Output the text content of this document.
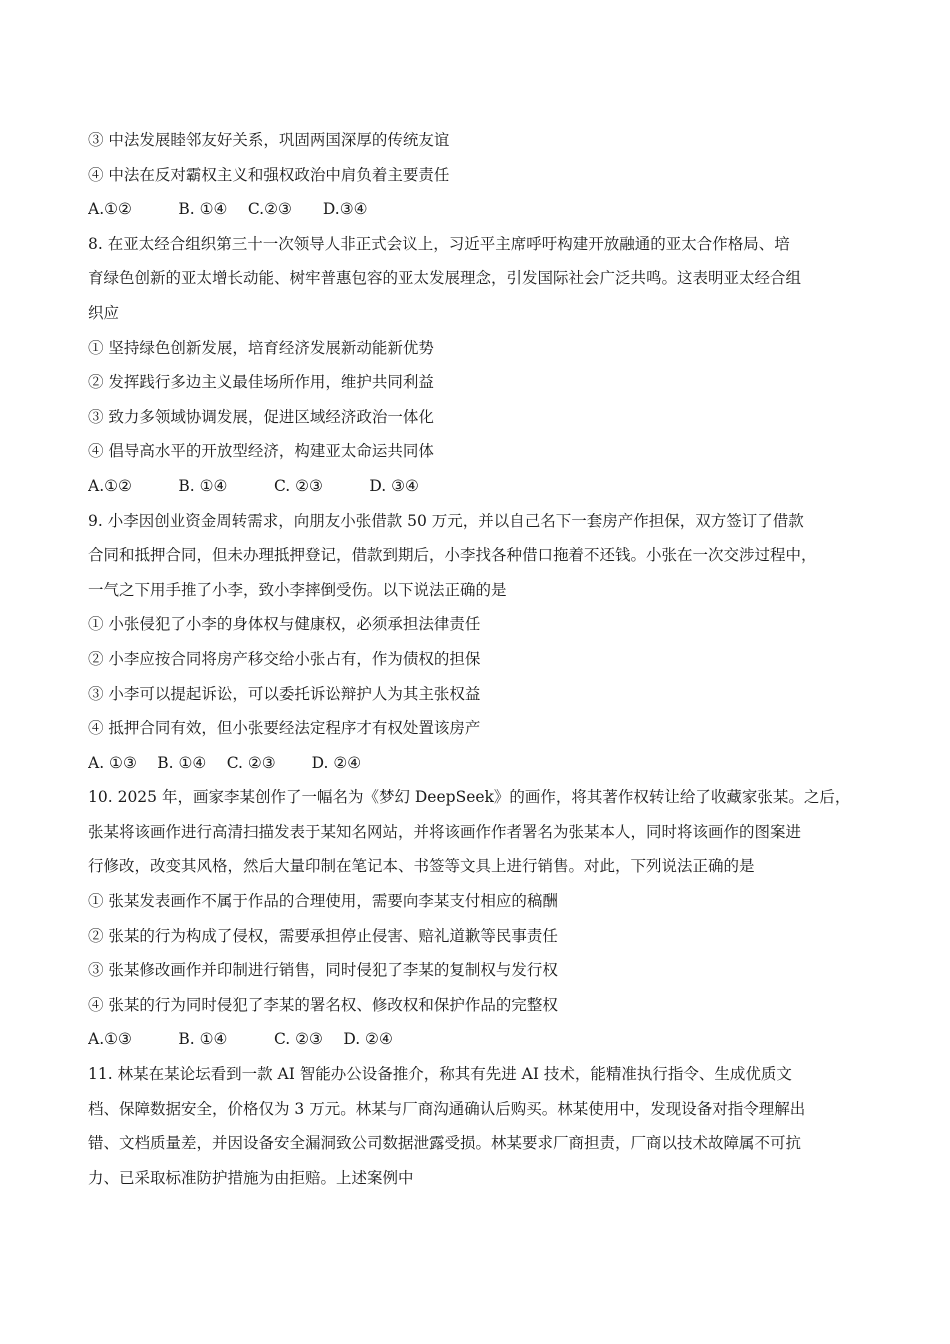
③ 中法发展睦邻友好关系，巩固两国深厚的传统友谊
④ 中法在反对霸权主义和强权政治中肩负着主要责任
A.①②　　　B. ①④　 C.②③　　D.③④
8. 在亚太经合组织第三十一次领导人非正式会议上，习近平主席呼吁构建开放融通的亚太合作格局、培
育绿色创新的亚太增长动能、树牢普惠包容的亚太发展理念，引发国际社会广泛共鸣。这表明亚太经合组
织应
① 坚持绿色创新发展，培育经济发展新动能新优势
② 发挥践行多边主义最佳场所作用，维护共同利益
③ 致力多领域协调发展，促进区域经济政治一体化
④ 倡导高水平的开放型经济，构建亚太命运共同体
A.①②　　　B. ①④　　　C. ②③　　　D. ③④
9. 小李因创业资金周转需求，向朋友小张借款 50 万元，并以自己名下一套房产作担保，双方签订了借款
合同和抵押合同，但未办理抵押登记，借款到期后，小李找各种借口拖着不还钱。小张在一次交涉过程中，
一气之下用手推了小李，致小李摔倒受伤。以下说法正确的是
① 小张侵犯了小李的身体权与健康权，必须承担法律责任
② 小李应按合同将房产移交给小张占有，作为债权的担保
③ 小李可以提起诉讼，可以委托诉讼辩护人为其主张权益
④ 抵押合同有效，但小张要经法定程序才有权处置该房产
A. ①③　 B. ①④　 C. ②③　　 D. ②④
10. 2025 年，画家李某创作了一幅名为《梦幻 DeepSeek》的画作，将其著作权转让给了收藏家张某。之后，
张某将该画作进行高清扫描发表于某知名网站，并将该画作作者署名为张某本人，同时将该画作的图案进
行修改，改变其风格，然后大量印制在笔记本、书签等文具上进行销售。对此，下列说法正确的是
① 张某发表画作不属于作品的合理使用，需要向李某支付相应的稿酬
② 张某的行为构成了侵权，需要承担停止侵害、赔礼道歉等民事责任
③ 张某修改画作并印制进行销售，同时侵犯了李某的复制权与发行权
④ 张某的行为同时侵犯了李某的署名权、修改权和保护作品的完整权
A.①③　　　B. ①④　　　C. ②③　 D. ②④
11. 林某在某论坛看到一款 AI 智能办公设备推介，称其有先进 AI 技术，能精准执行指令、生成优质文
档、保障数据安全，价格仅为 3 万元。林某与厂商沟通确认后购买。林某使用中，发现设备对指令理解出
错、文档质量差，并因设备安全漏洞致公司数据泄露受损。林某要求厂商担责，厂商以技术故障属不可抗
力、已采取标准防护措施为由拒赔。上述案例中
